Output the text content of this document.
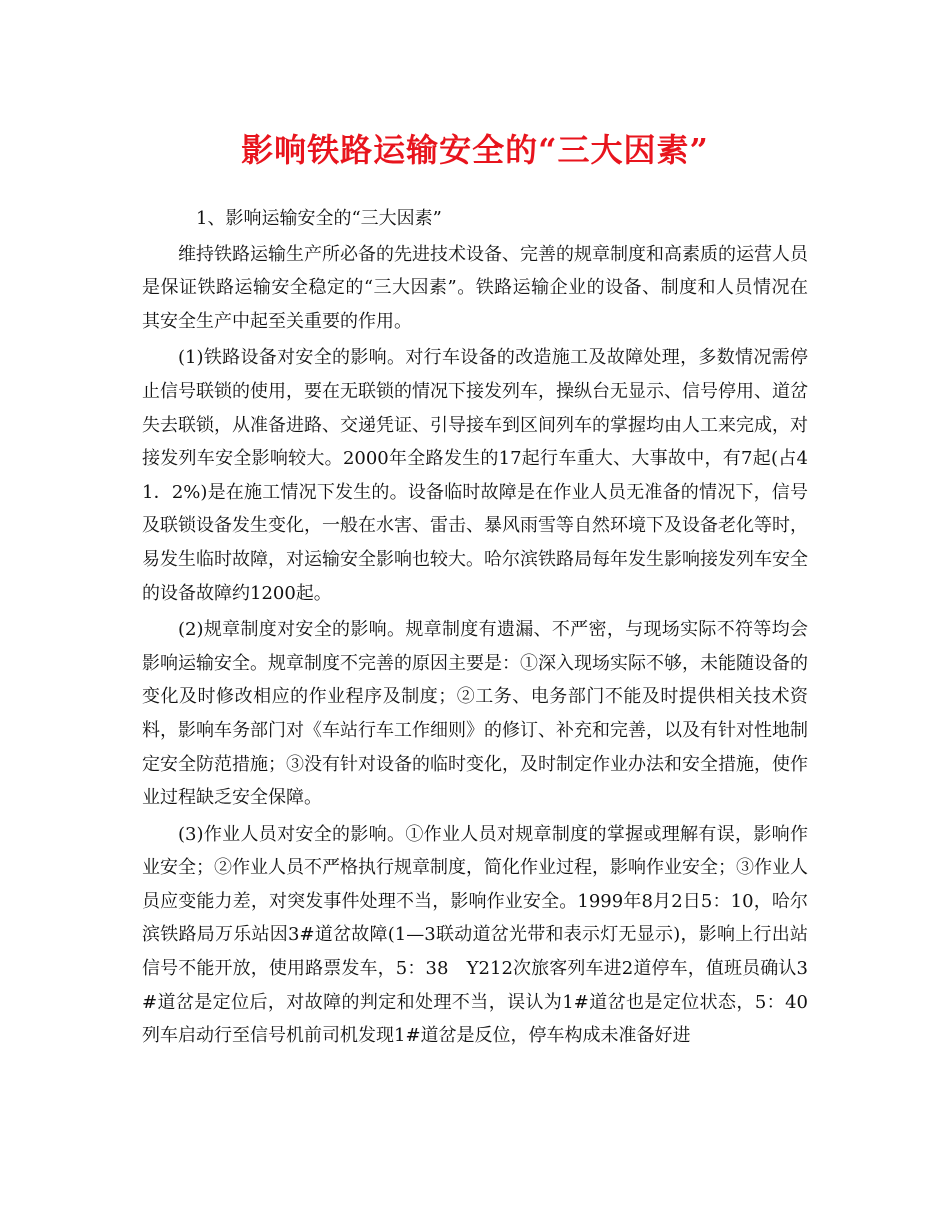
影响铁路运输安全的“三大因素”

1、影响运输安全的“三大因素”

维持铁路运输生产所必备的先进技术设备、完善的规章制度和高素质的运营人员是保证铁路运输安全稳定的“三大因素”。铁路运输企业的设备、制度和人员情况在其安全生产中起至关重要的作用。

(1)铁路设备对安全的影响。对行车设备的改造施工及故障处理，多数情况需停止信号联锁的使用，要在无联锁的情况下接发列车，操纵台无显示、信号停用、道岔失去联锁，从准备进路、交递凭证、引导接车到区间列车的掌握均由人工来完成，对接发列车安全影响较大。2000年全路发生的17起行车重大、大事故中，有7起(占41．2%)是在施工情况下发生的。设备临时故障是在作业人员无准备的情况下，信号及联锁设备发生变化，一般在水害、雷击、暴风雨雪等自然环境下及设备老化等时，易发生临时故障，对运输安全影响也较大。哈尔滨铁路局每年发生影响接发列车安全的设备故障约1200起。

(2)规章制度对安全的影响。规章制度有遗漏、不严密，与现场实际不符等均会影响运输安全。规章制度不完善的原因主要是：①深入现场实际不够，未能随设备的变化及时修改相应的作业程序及制度；②工务、电务部门不能及时提供相关技术资料，影响车务部门对《车站行车工作细则》的修订、补充和完善，以及有针对性地制定安全防范措施；③没有针对设备的临时变化，及时制定作业办法和安全措施，使作业过程缺乏安全保障。

(3)作业人员对安全的影响。①作业人员对规章制度的掌握或理解有误，影响作业安全；②作业人员不严格执行规章制度，简化作业过程，影响作业安全；③作业人员应变能力差，对突发事件处理不当，影响作业安全。1999年8月2日5：10，哈尔滨铁路局万乐站因3#道岔故障(1—3联动道岔光带和表示灯无显示)，影响上行出站信号不能开放，使用路票发车，5：38　Y212次旅客列车进2道停车，值班员确认3#道岔是定位后，对故障的判定和处理不当，误认为1#道岔也是定位状态，5：40列车启动行至信号机前司机发现1#道岔是反位，停车构成未准备好进
